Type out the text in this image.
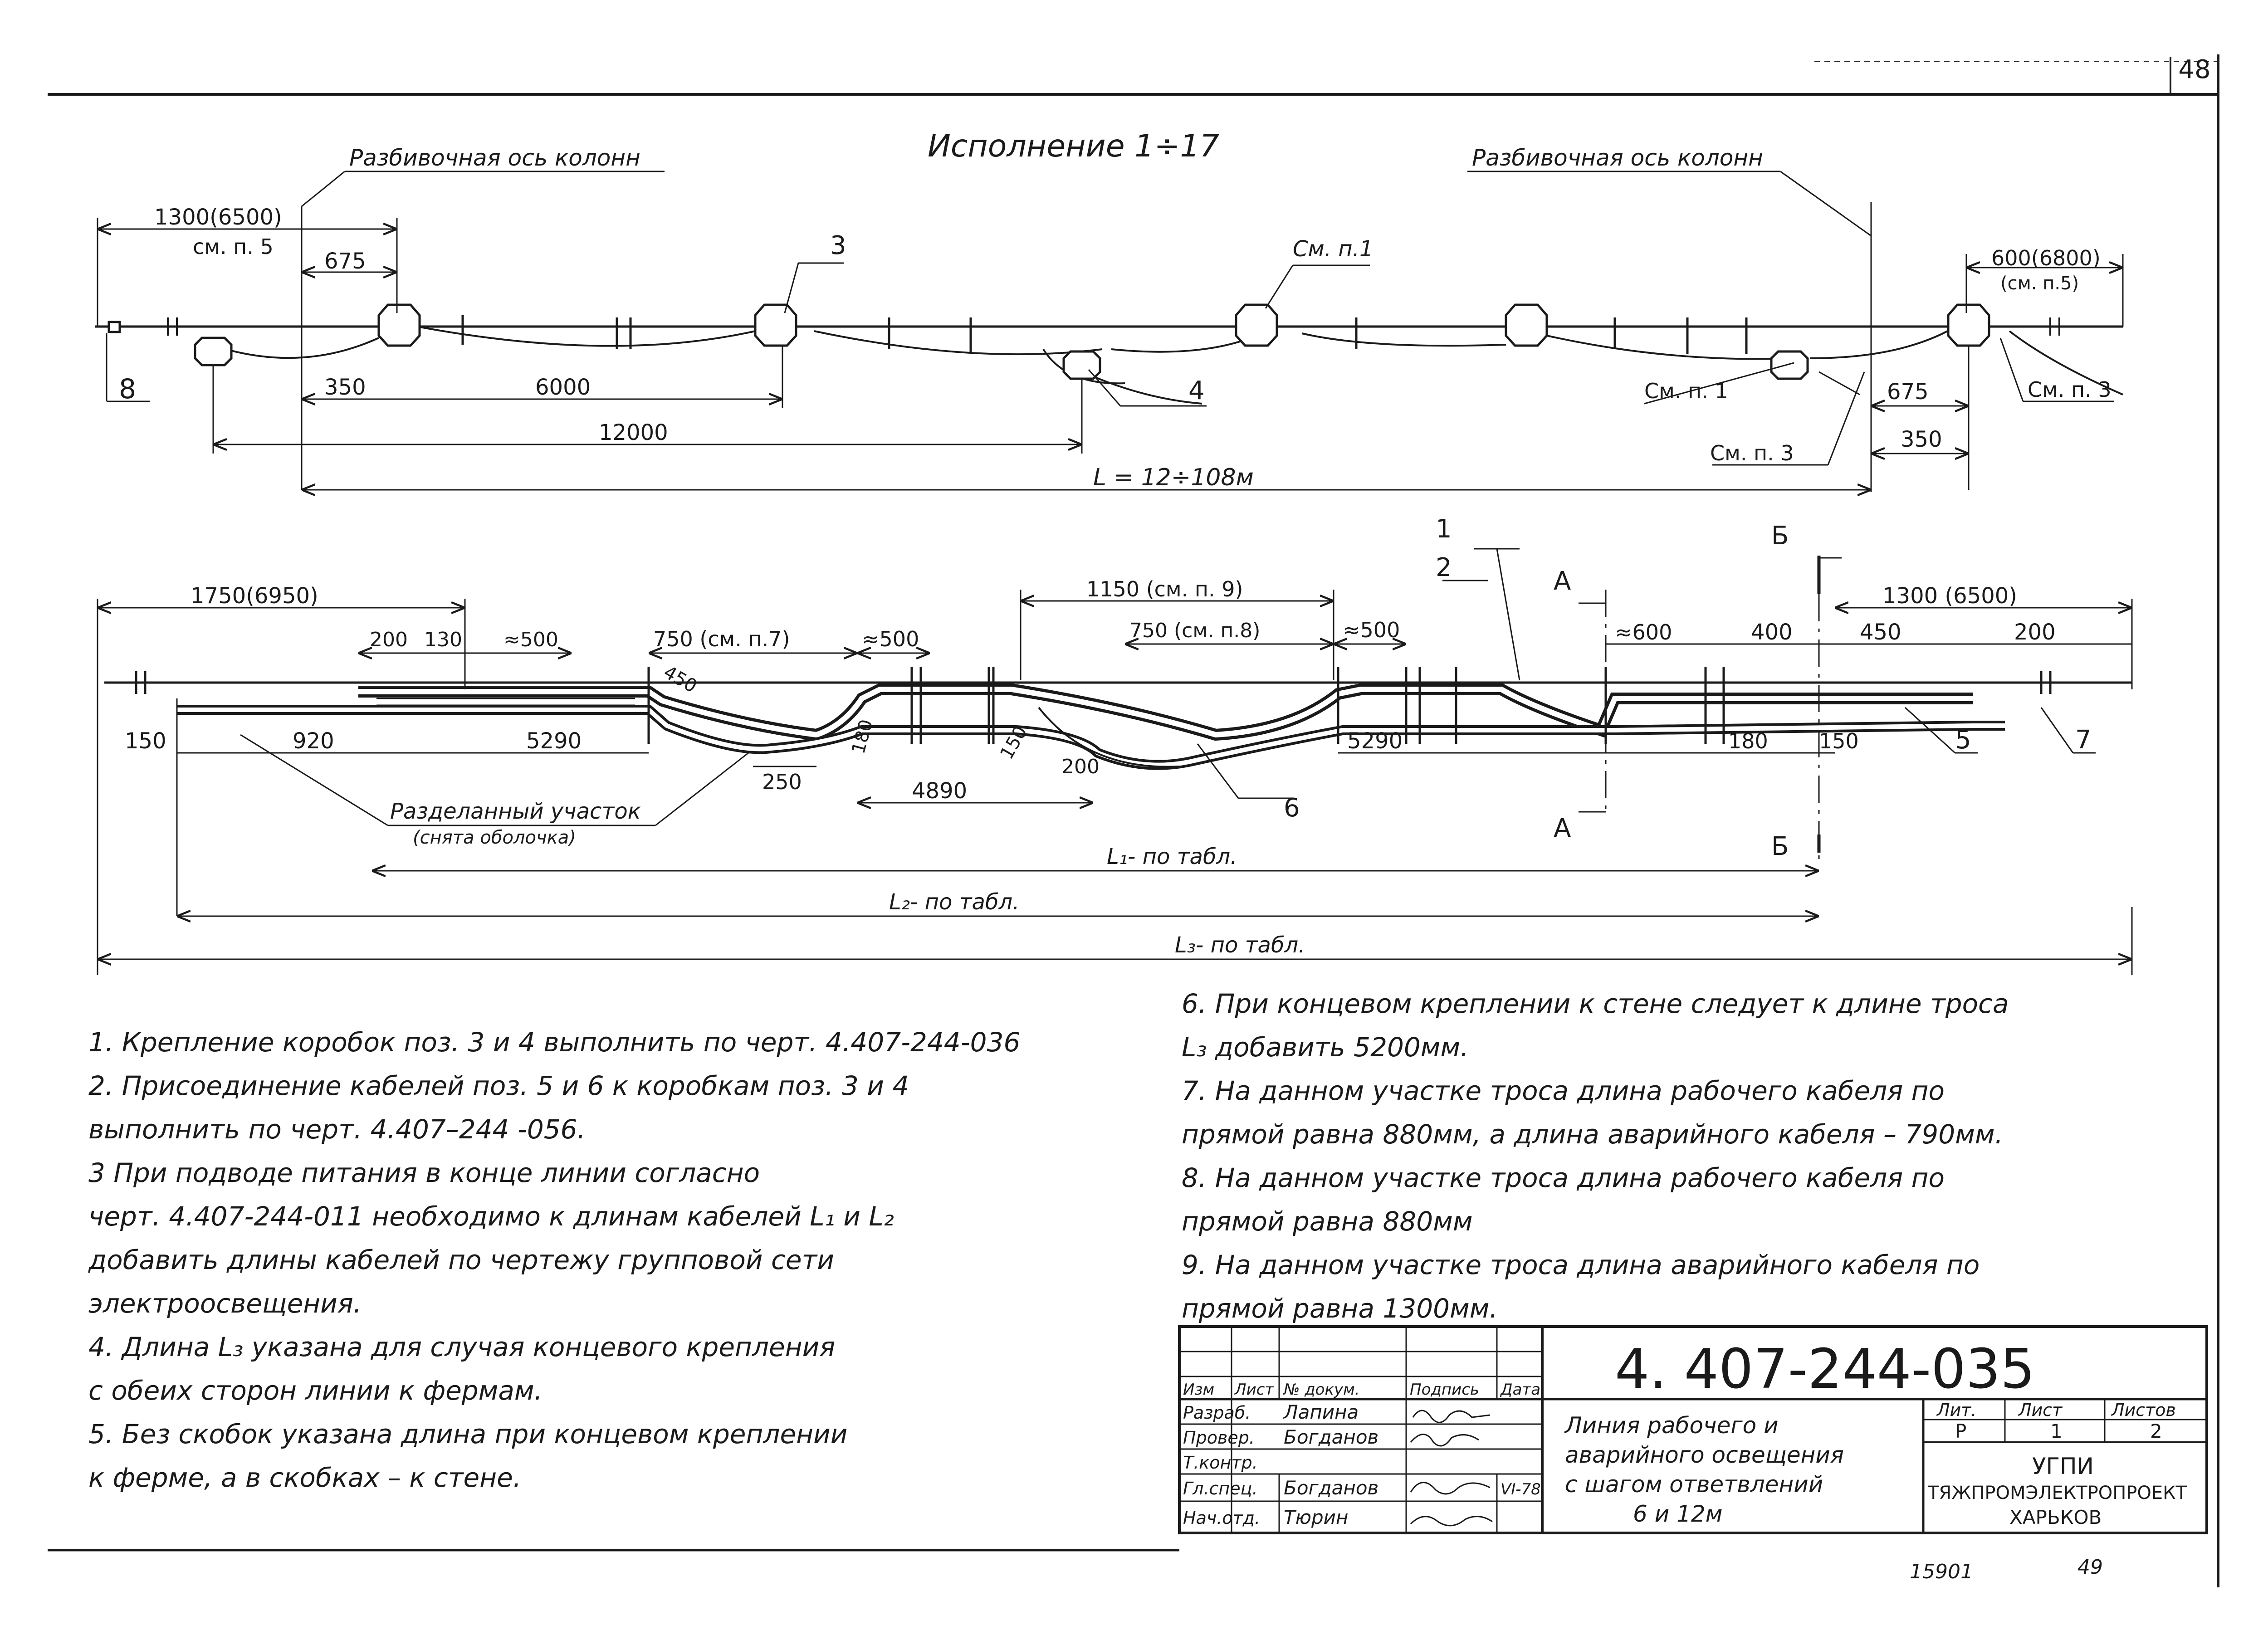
48
Исполнение 1÷17
Разбивочная ось колонн	Разбивочная ось колонн
1300(6500)
см. п. 5
675
350	6000
12000
L = 12÷108м
3
4
8
См. п.1	600(6800)
(см. п.5)
См. п. 1	675	См. п. 3
См. п. 3
350
1750(6950)
200 130 ≈500	750 (см. п.7)	≈500
450
1150 (см. п. 9)
750 (см. п.8)	≈500
1
2	А
А
Б
Б
≈600	400	450
1300 (6500)
200
150	920	5290	180
250	4890
150
200
5290	180 150	5
6
7
Разделанный участок
(снята оболочка)
L₁- по табл.
L₂- по табл.
L₃- по табл.
4. 407-244-035
Изм Лист № докум.	Подпись Дата
Разраб. Лапина
Провер. Богданов
Т.контр.
Гл.спец. Богданов	VI-78
Нач.отд. Тюрин
Линия рабочего и
аварийного освещения
с шагом ответвлений
6 и 12м
Лит. Лист	Листов
Р	1	2
УГПИ
ТЯЖПРОМЭЛЕКТРОПРОЕКТ
ХАРЬКОВ
15901	49
1. Крепление коробок поз. 3 и 4 выполнить по черт. 4.407-244-036
2. Присоединение кабелей поз. 5 и 6 к коробкам поз. 3 и 4
выполнить по черт. 4.407–244 -056.
3 При подводе питания в конце линии согласно
черт. 4.407-244-011 необходимо к длинам кабелей L₁ и L₂
добавить длины кабелей по чертежу групповой сети
электроосвещения.
4. Длина L₃ указана для случая концевого крепления
с обеих сторон линии к фермам.
5. Без скобок указана длина при концевом креплении
к ферме, а в скобках – к стене.
6. При концевом креплении к стене следует к длине троса
L₃ добавить 5200мм.
7. На данном участке троса длина рабочего кабеля по
прямой равна 880мм, а длина аварийного кабеля – 790мм.
8. На данном участке троса длина рабочего кабеля по
прямой равна 880мм
9. На данном участке троса длина аварийного кабеля по
прямой равна 1300мм.
